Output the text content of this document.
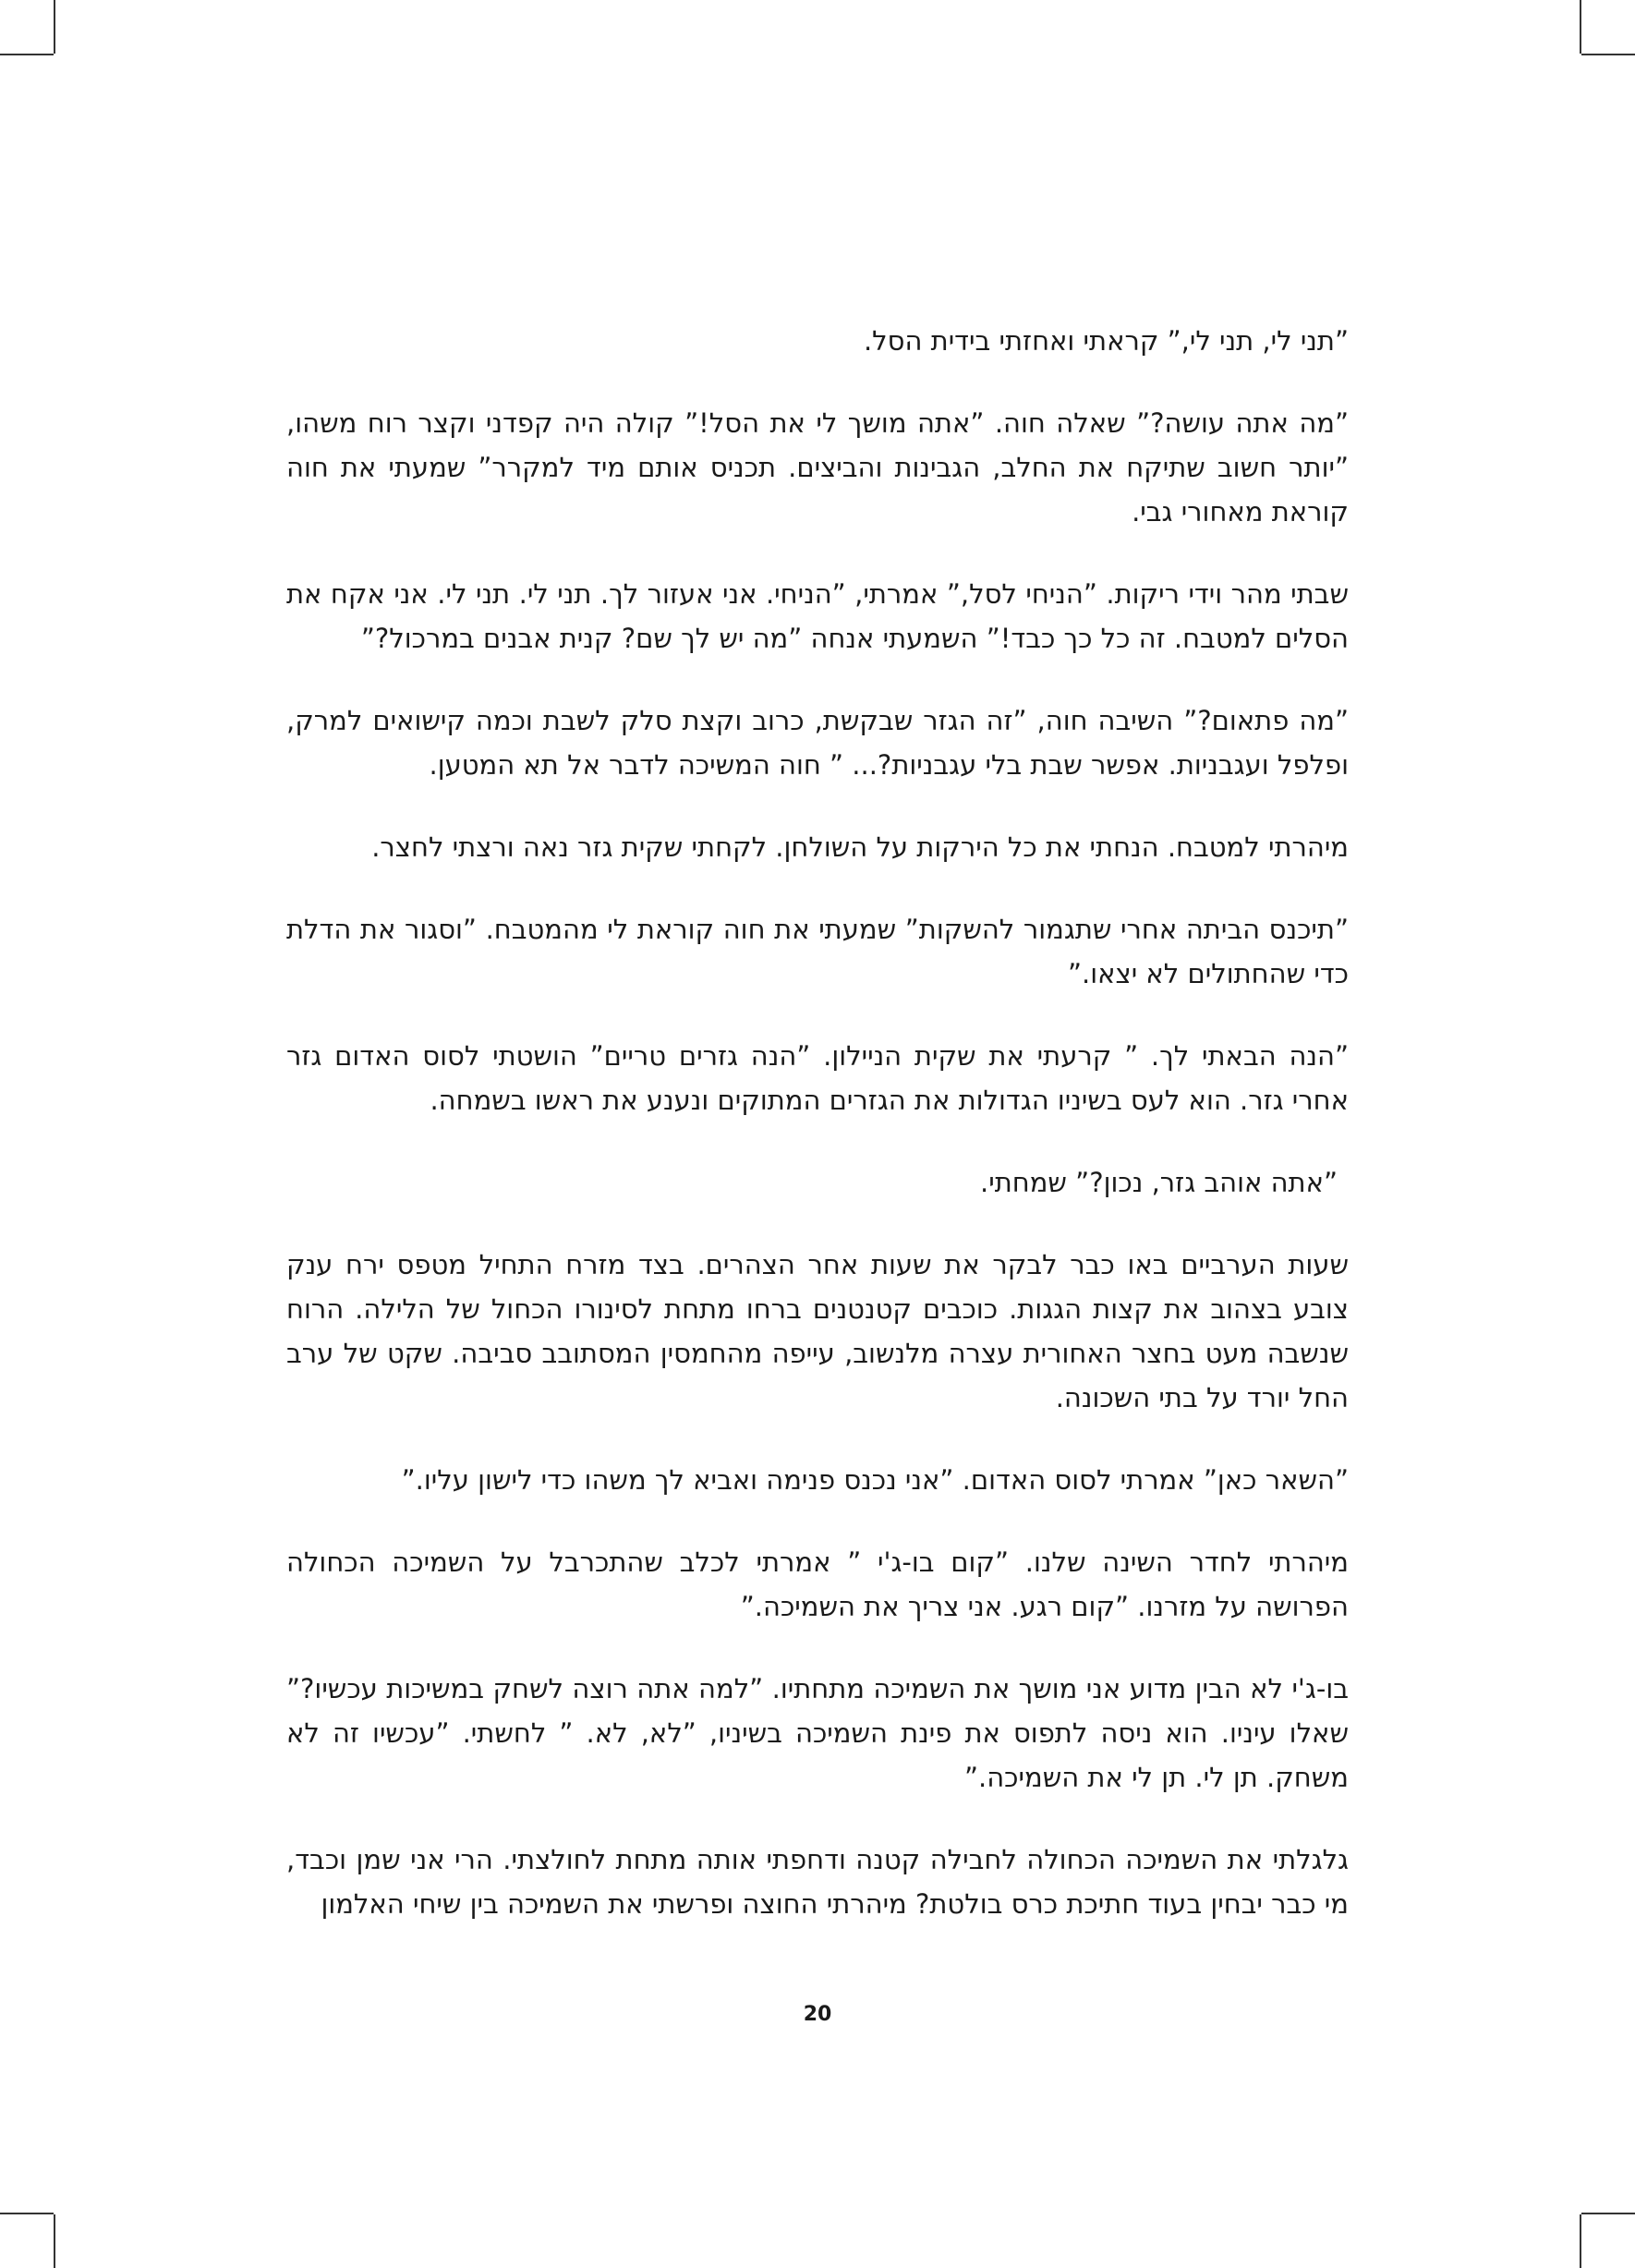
”תני לי, תני לי,” קראתי ואחזתי בידית הסל.

”מה אתה עושה?” שאלה חוה. ”אתה מושך לי את הסל!” קולה היה קפדני וקצר רוח משהו, ”יותר חשוב שתיקח את החלב, הגבינות והביצים. תכניס אותם מיד למקרר” שמעתי את חוה קוראת מאחורי גבי.

שבתי מהר וידי ריקות. ”הניחי לסל,” אמרתי, ”הניחי. אני אעזור לך. תני לי. תני לי. אני אקח את הסלים למטבח. זה כל כך כבד!” השמעתי אנחה ”מה יש לך שם? קנית אבנים במרכול?”

”מה פתאום?” השיבה חוה, ”זה הגזר שבקשת, כרוב וקצת סלק לשבת וכמה קישואים למרק, ופלפל ועגבניות. אפשר שבת בלי עגבניות?... ” חוה המשיכה לדבר אל תא המטען.

מיהרתי למטבח. הנחתי את כל הירקות על השולחן. לקחתי שקית גזר נאה ורצתי לחצר.

”תיכנס הביתה אחרי שתגמור להשקות” שמעתי את חוה קוראת לי מהמטבח. ”וסגור את הדלת כדי שהחתולים לא יצאו.”

”הנה הבאתי לך. ” קרעתי את שקית הניילון. ”הנה גזרים טריים” הושטתי לסוס האדום גזר אחרי גזר. הוא לעס בשיניו הגדולות את הגזרים המתוקים ונענע את ראשו בשמחה.

”אתה אוהב גזר, נכון?” שמחתי.

שעות הערביים באו כבר לבקר את שעות אחר הצהרים. בצד מזרח התחיל מטפס ירח ענק צובע בצהוב את קצות הגגות. כוכבים קטנטנים ברחו מתחת לסינורו הכחול של הלילה. הרוח שנשבה מעט בחצר האחורית עצרה מלנשוב, עייפה מהחמסין המסתובב סביבה. שקט של ערב החל יורד על בתי השכונה.

”השאר כאן” אמרתי לסוס האדום. ”אני נכנס פנימה ואביא לך משהו כדי לישון עליו.”

מיהרתי לחדר השינה שלנו. ”קום בו-ג'י ” אמרתי לכלב שהתכרבל על השמיכה הכחולה הפרושה על מזרנו. ”קום רגע. אני צריך את השמיכה.”

בו-ג'י לא הבין מדוע אני מושך את השמיכה מתחתיו. ”למה אתה רוצה לשחק במשיכות עכשיו?” שאלו עיניו. הוא ניסה לתפוס את פינת השמיכה בשיניו, ”לא, לא. ” לחשתי. ”עכשיו זה לא משחק. תן לי. תן לי את השמיכה.”

גלגלתי את השמיכה הכחולה לחבילה קטנה ודחפתי אותה מתחת לחולצתי. הרי אני שמן וכבד, מי כבר יבחין בעוד חתיכת כרס בולטת? מיהרתי החוצה ופרשתי את השמיכה בין שיחי האלמון

20
